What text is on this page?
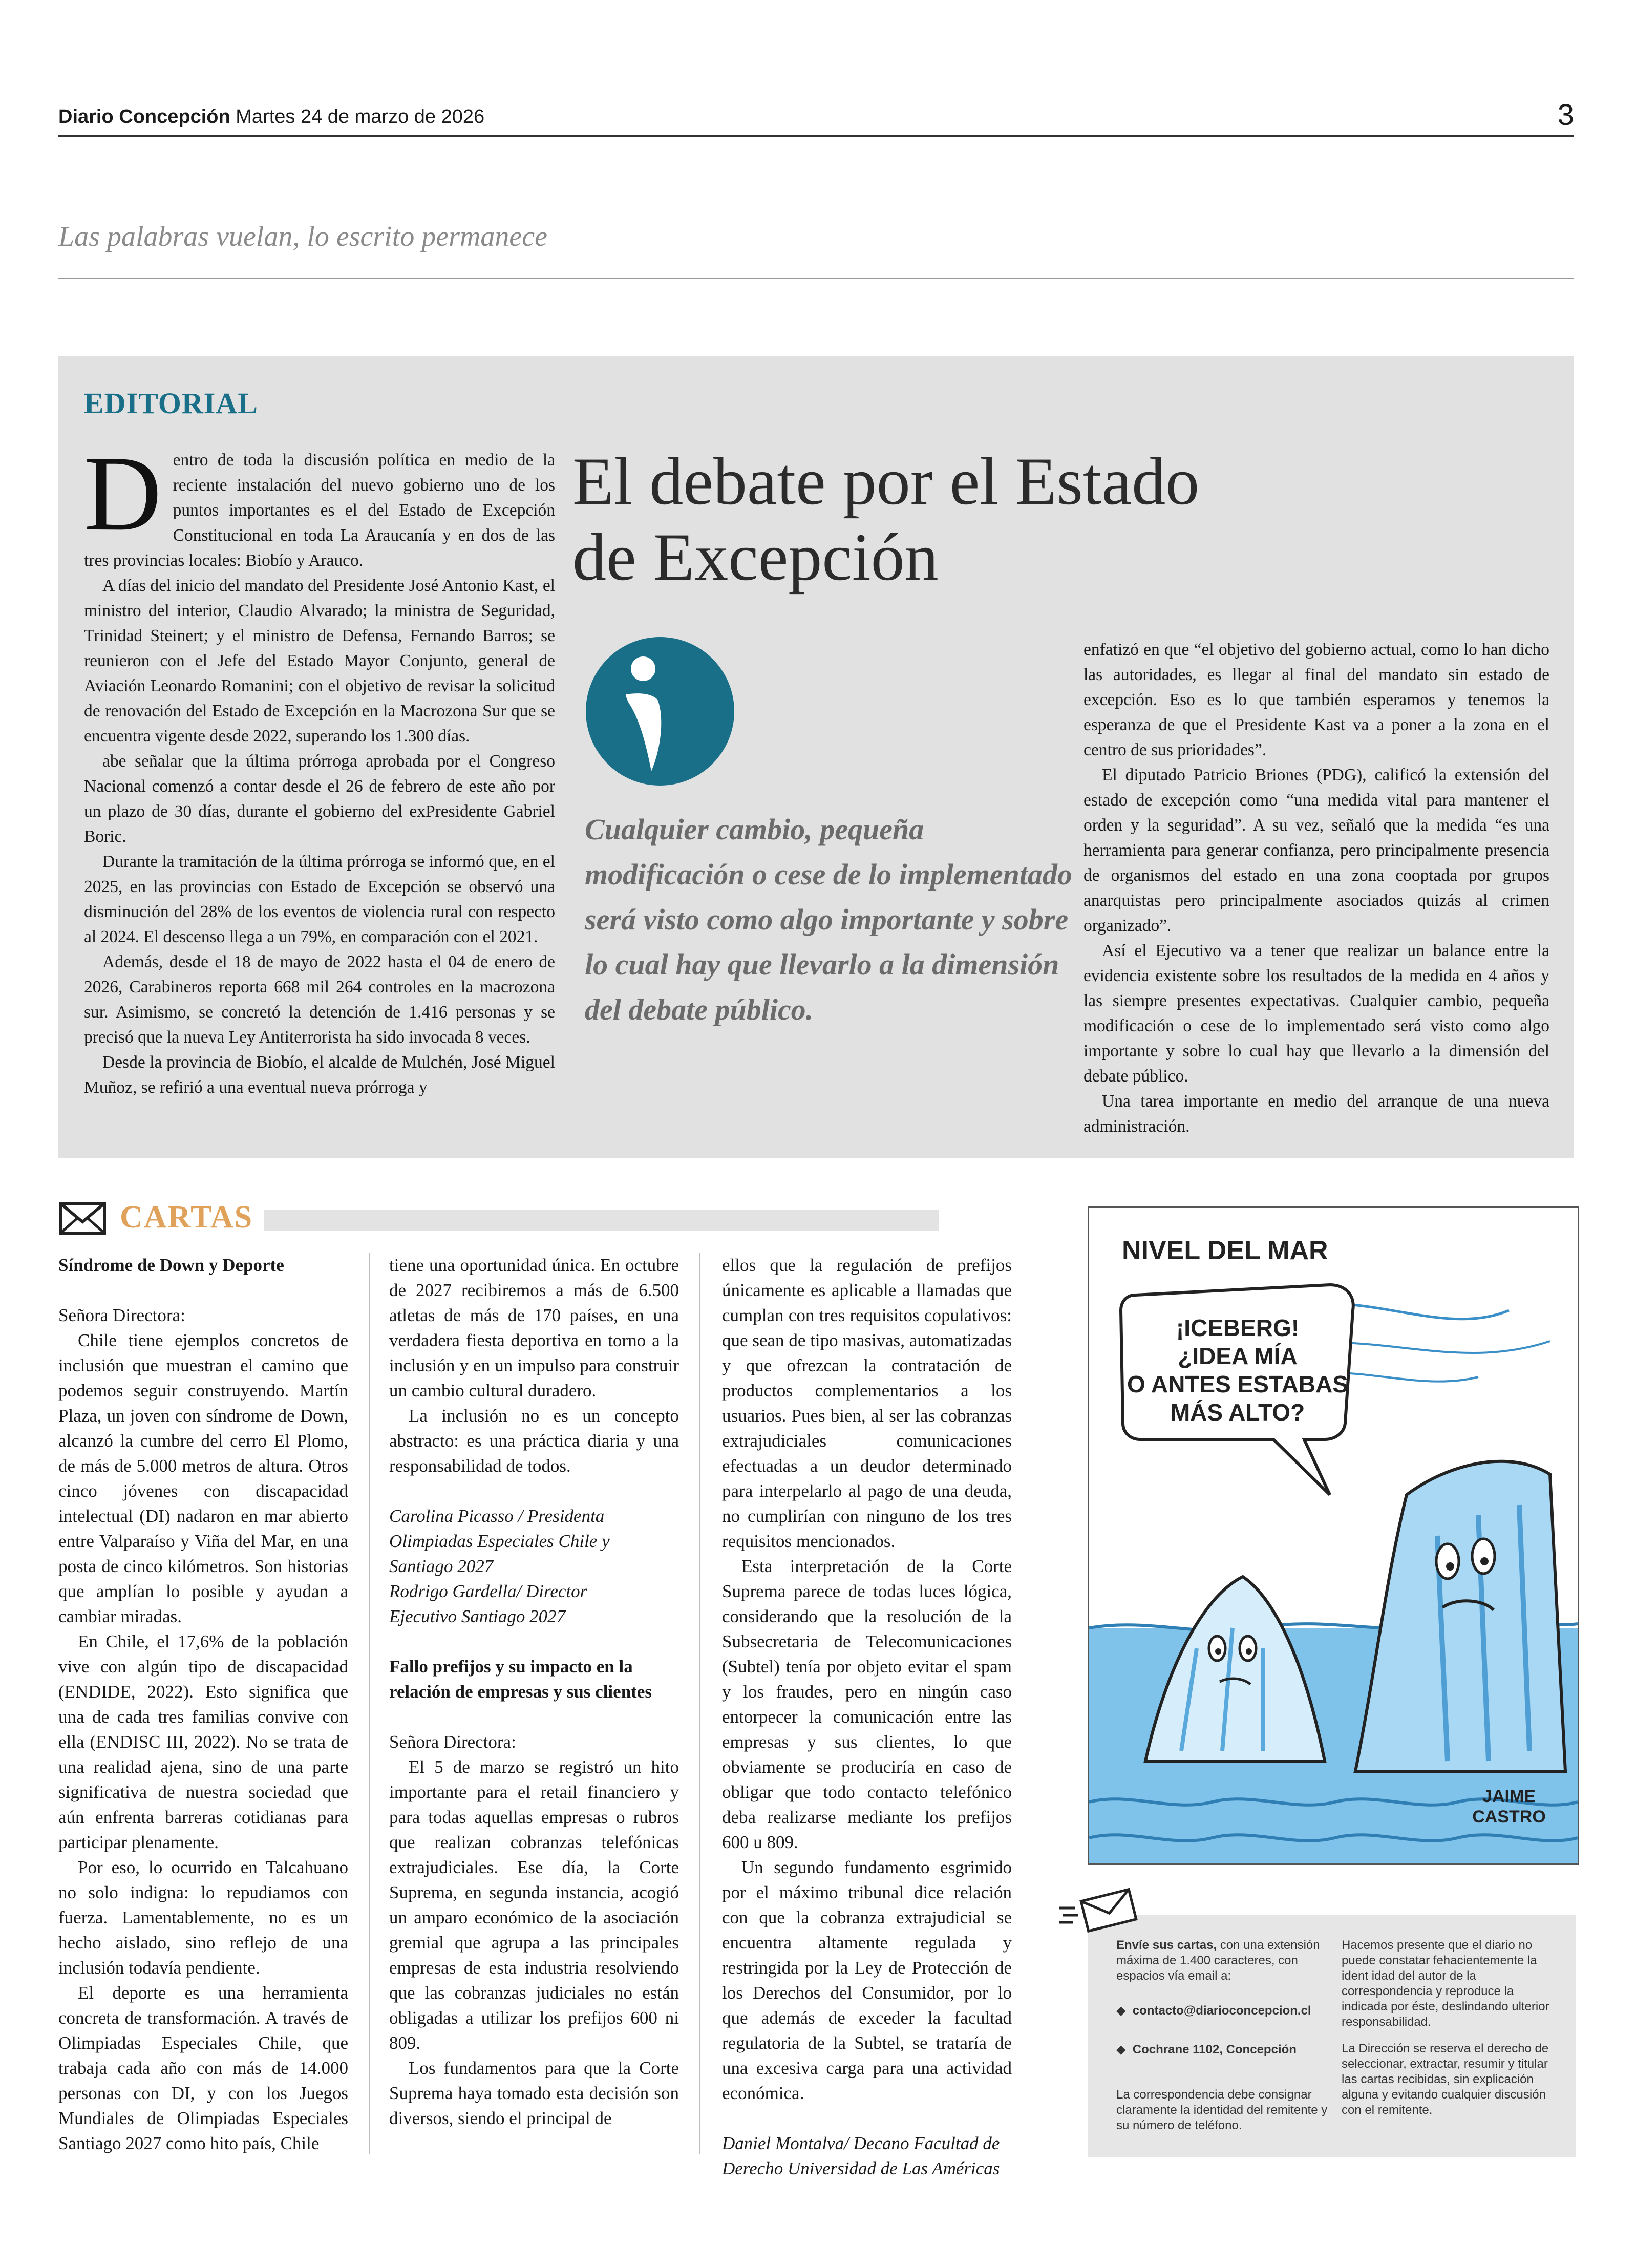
Diario Concepción Martes 24 de marzo de 2026	3
Las palabras vuelan, lo escrito permanece
EDITORIAL

Dentro de toda la discusión política en medio de la reciente instalación del nuevo gobierno uno de los puntos importantes es el del Estado de Excepción Constitucional en toda La Araucanía y en dos de las tres provincias locales: Biobío y Arauco.

A días del inicio del mandato del Presidente José Antonio Kast, el ministro del interior, Claudio Alvarado; la ministra de Seguridad, Trinidad Steinert; y el ministro de Defensa, Fernando Barros; se reunieron con el Jefe del Estado Mayor Conjunto, general de Aviación Leonardo Romanini; con el objetivo de revisar la solicitud de renovación del Estado de Excepción en la Macrozona Sur que se encuentra vigente desde 2022, superando los 1.300 días.

abe señalar que la última prórroga aprobada por el Congreso Nacional comenzó a contar desde el 26 de febrero de este año por un plazo de 30 días, durante el gobierno del exPresidente Gabriel Boric.

Durante la tramitación de la última prórroga se informó que, en el 2025, en las provincias con Estado de Excepción se observó una disminución del 28% de los eventos de violencia rural con respecto al 2024. El descenso llega a un 79%, en comparación con el 2021.

Además, desde el 18 de mayo de 2022 hasta el 04 de enero de 2026, Carabineros reporta 668 mil 264 controles en la macrozona sur. Asimismo, se concretó la detención de 1.416 personas y se precisó que la nueva Ley Antiterrorista ha sido invocada 8 veces.

Desde la provincia de Biobío, el alcalde de Mulchén, José Miguel Muñoz, se refirió a una eventual nueva prórroga y

El debate por el Estado de Excepción
Cualquier cambio, pequeña modificación o cese de lo implementado será visto como algo importante y sobre lo cual hay que llevarlo a la dimensión del debate público.

enfatizó en que “el objetivo del gobierno actual, como lo han dicho las autoridades, es llegar al final del mandato sin estado de excepción. Eso es lo que también esperamos y tenemos la esperanza de que el Presidente Kast va a poner a la zona en el centro de sus prioridades”.

El diputado Patricio Briones (PDG), calificó la extensión del estado de excepción como “una medida vital para mantener el orden y la seguridad”. A su vez, señaló que la medida “es una herramienta para generar confianza, pero principalmente presencia de organismos del estado en una zona cooptada por grupos anarquistas pero principalmente asociados quizás al crimen organizado”.

Así el Ejecutivo va a tener que realizar un balance entre la evidencia existente sobre los resultados de la medida en 4 años y las siempre presentes expectativas. Cualquier cambio, pequeña modificación o cese de lo implementado será visto como algo importante y sobre lo cual hay que llevarlo a la dimensión del debate público.

Una tarea importante en medio del arranque de una nueva administración.

CARTAS
Síndrome de Down y Deporte

Señora Directora:

Chile tiene ejemplos concretos de inclusión que muestran el camino que podemos seguir construyendo. Martín Plaza, un joven con síndrome de Down, alcanzó la cumbre del cerro El Plomo, de más de 5.000 metros de altura. Otros cinco jóvenes con discapacidad intelectual (DI) nadaron en mar abierto entre Valparaíso y Viña del Mar, en una posta de cinco kilómetros. Son historias que amplían lo posible y ayudan a cambiar miradas.

En Chile, el 17,6% de la población vive con algún tipo de discapacidad (ENDIDE, 2022). Esto significa que una de cada tres familias convive con ella (ENDISC III, 2022). No se trata de una realidad ajena, sino de una parte significativa de nuestra sociedad que aún enfrenta barreras cotidianas para participar plenamente.

Por eso, lo ocurrido en Talcahuano no solo indigna: lo repudiamos con fuerza. Lamentablemente, no es un hecho aislado, sino reflejo de una inclusión todavía pendiente.

El deporte es una herramienta concreta de transformación. A través de Olimpiadas Especiales Chile, que trabaja cada año con más de 14.000 personas con DI, y con los Juegos Mundiales de Olimpiadas Especiales Santiago 2027 como hito país, Chile

tiene una oportunidad única. En octubre de 2027 recibiremos a más de 6.500 atletas de más de 170 países, en una verdadera fiesta deportiva en torno a la inclusión y en un impulso para construir un cambio cultural duradero.

La inclusión no es un concepto abstracto: es una práctica diaria y una responsabilidad de todos.

Carolina Picasso / Presidenta

Olimpiadas Especiales Chile y

Santiago 2027

Rodrigo Gardella/ Director

Ejecutivo Santiago 2027

Fallo prefijos y su impacto en la relación de empresas y sus clientes

Señora Directora:

El 5 de marzo se registró un hito importante para el retail financiero y para todas aquellas empresas o rubros que realizan cobranzas telefónicas extrajudiciales. Ese día, la Corte Suprema, en segunda instancia, acogió un amparo económico de la asociación gremial que agrupa a las principales empresas de esta industria resolviendo que las cobranzas judiciales no están obligadas a utilizar los prefijos 600 ni 809.

Los fundamentos para que la Corte Suprema haya tomado esta decisión son diversos, siendo el principal de

ellos que la regulación de prefijos únicamente es aplicable a llamadas que cumplan con tres requisitos copulativos: que sean de tipo masivas, automatizadas y que ofrezcan la contratación de productos complementarios a los usuarios. Pues bien, al ser las cobranzas extrajudiciales comunicaciones efectuadas a un deudor determinado para interpelarlo al pago de una deuda, no cumplirían con ninguno de los tres requisitos mencionados.

Esta interpretación de la Corte Suprema parece de todas luces lógica, considerando que la resolución de la Subsecretaria de Telecomunicaciones (Subtel) tenía por objeto evitar el spam y los fraudes, pero en ningún caso entorpecer la comunicación entre las empresas y sus clientes, lo que obviamente se produciría en caso de obligar que todo contacto telefónico deba realizarse mediante los prefijos 600 u 809.

Un segundo fundamento esgrimido por el máximo tribunal dice relación con que la cobranza extrajudicial se encuentra altamente regulada y restringida por la Ley de Protección de los Derechos del Consumidor, por lo que además de exceder la facultad regulatoria de la Subtel, se trataría de una excesiva carga para una actividad económica.

Daniel Montalva/ Decano Facultad de

Derecho Universidad de Las Américas

NIVEL DEL MAR
¡ICEBERG!
¿IDEA MÍA
O ANTES ESTABAS
MÁS ALTO?
JAIME
CASTRO
Envíe sus cartas, con una extensión máxima de 1.400 caracteres, con espacios vía email a:
◆  contacto@diarioconcepcion.cl
◆  Cochrane 1102, Concepción
La correspondencia debe consignar claramente la identidad del remitente y su número de teléfono.
Hacemos presente que el diario no puede constatar fehacientemente la ident idad del autor de la correspondencia y reproduce la indicada por éste, deslindando ulterior responsabilidad.
La Dirección se reserva el derecho de seleccionar, extractar, resumir y titular las cartas recibidas, sin explicación alguna y evitando cualquier discusión con el remitente.
